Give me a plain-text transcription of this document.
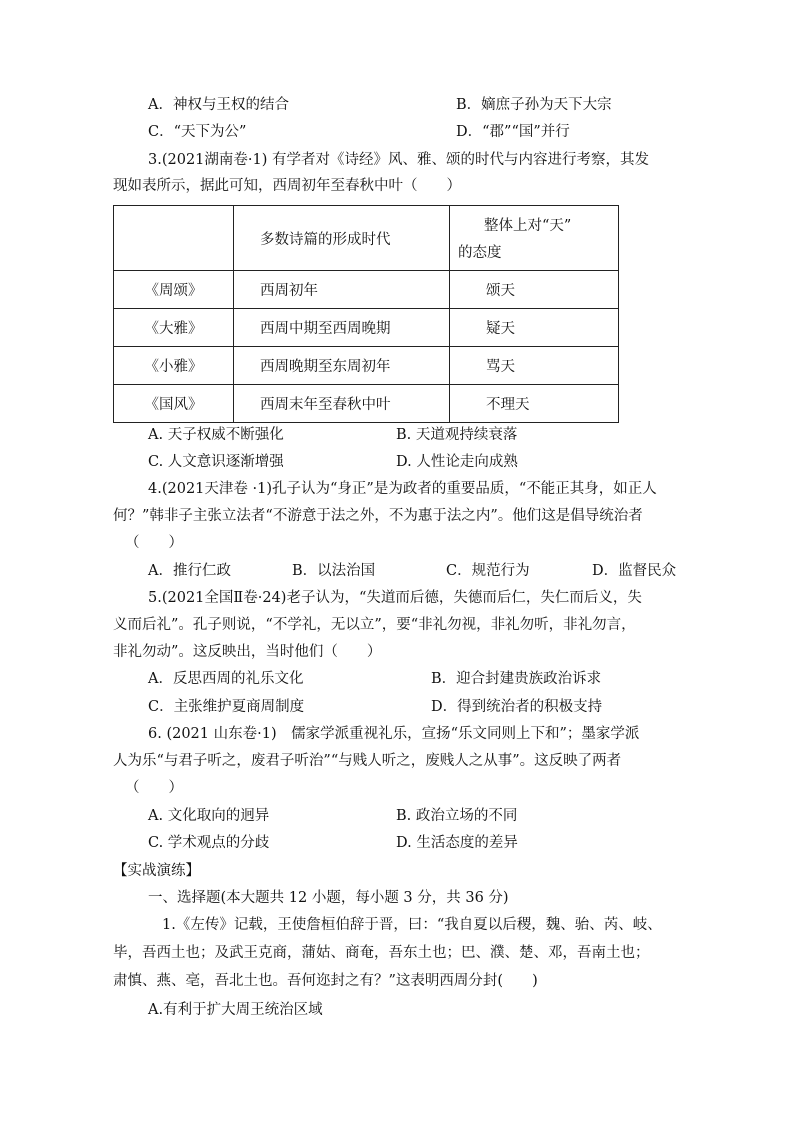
A．神权与王权的结合	B．嫡庶子孙为天下大宗
C．“天下为公”	D．“郡”“国”并行
3.(2021湖南卷·1) 有学者对《诗经》风、雅、颂的时代与内容进行考察，其发
现如表所示，据此可知，西周初年至春秋中叶（　　）
	多数诗篇的形成时代	整体上对“天”
的态度

《周颂》	西周初年	颂天
《大雅》	西周中期至西周晚期	疑天
《小雅》	西周晚期至东周初年	骂天
《国风》	西周末年至春秋中叶	不理天
A. 天子权威不断强化	B. 天道观持续衰落
C. 人文意识逐渐增强	D. 人性论走向成熟
4.(2021天津卷 ·1)孔子认为“身正”是为政者的重要品质，“不能正其身，如正人
何？”韩非子主张立法者“不游意于法之外，不为惠于法之内”。他们这是倡导统治者
（　　）
A．推行仁政	B．以法治国	C．规范行为	D．监督民众
5.(2021全国Ⅱ卷·24)老子认为，“失道而后德，失德而后仁，失仁而后义，失
义而后礼”。孔子则说，“不学礼，无以立”，要“非礼勿视，非礼勿听，非礼勿言，
非礼勿动”。这反映出，当时他们（　　）
A．反思西周的礼乐文化	B．迎合封建贵族政治诉求
C．主张维护夏商周制度	D．得到统治者的积极支持
6. (2021 山东卷·1)　儒家学派重视礼乐，宣扬“乐文同则上下和”；墨家学派
人为乐“与君子听之，废君子听治”“与贱人听之，废贱人之从事”。这反映了两者
（　　）
A. 文化取向的迥异	B. 政治立场的不同
C. 学术观点的分歧	D. 生活态度的差异
【实战演练】
一、选择题(本大题共 12 小题，每小题 3 分，共 36 分)
1.《左传》记载，王使詹桓伯辞于晋，曰：“我自夏以后稷，魏、骀、芮、岐、
毕，吾西土也；及武王克商，蒲姑、商奄，吾东土也；巴、濮、楚、邓，吾南土也；
肃慎、燕、亳，吾北土也。吾何迩封之有？”这表明西周分封(　　)
A.有利于扩大周王统治区域
